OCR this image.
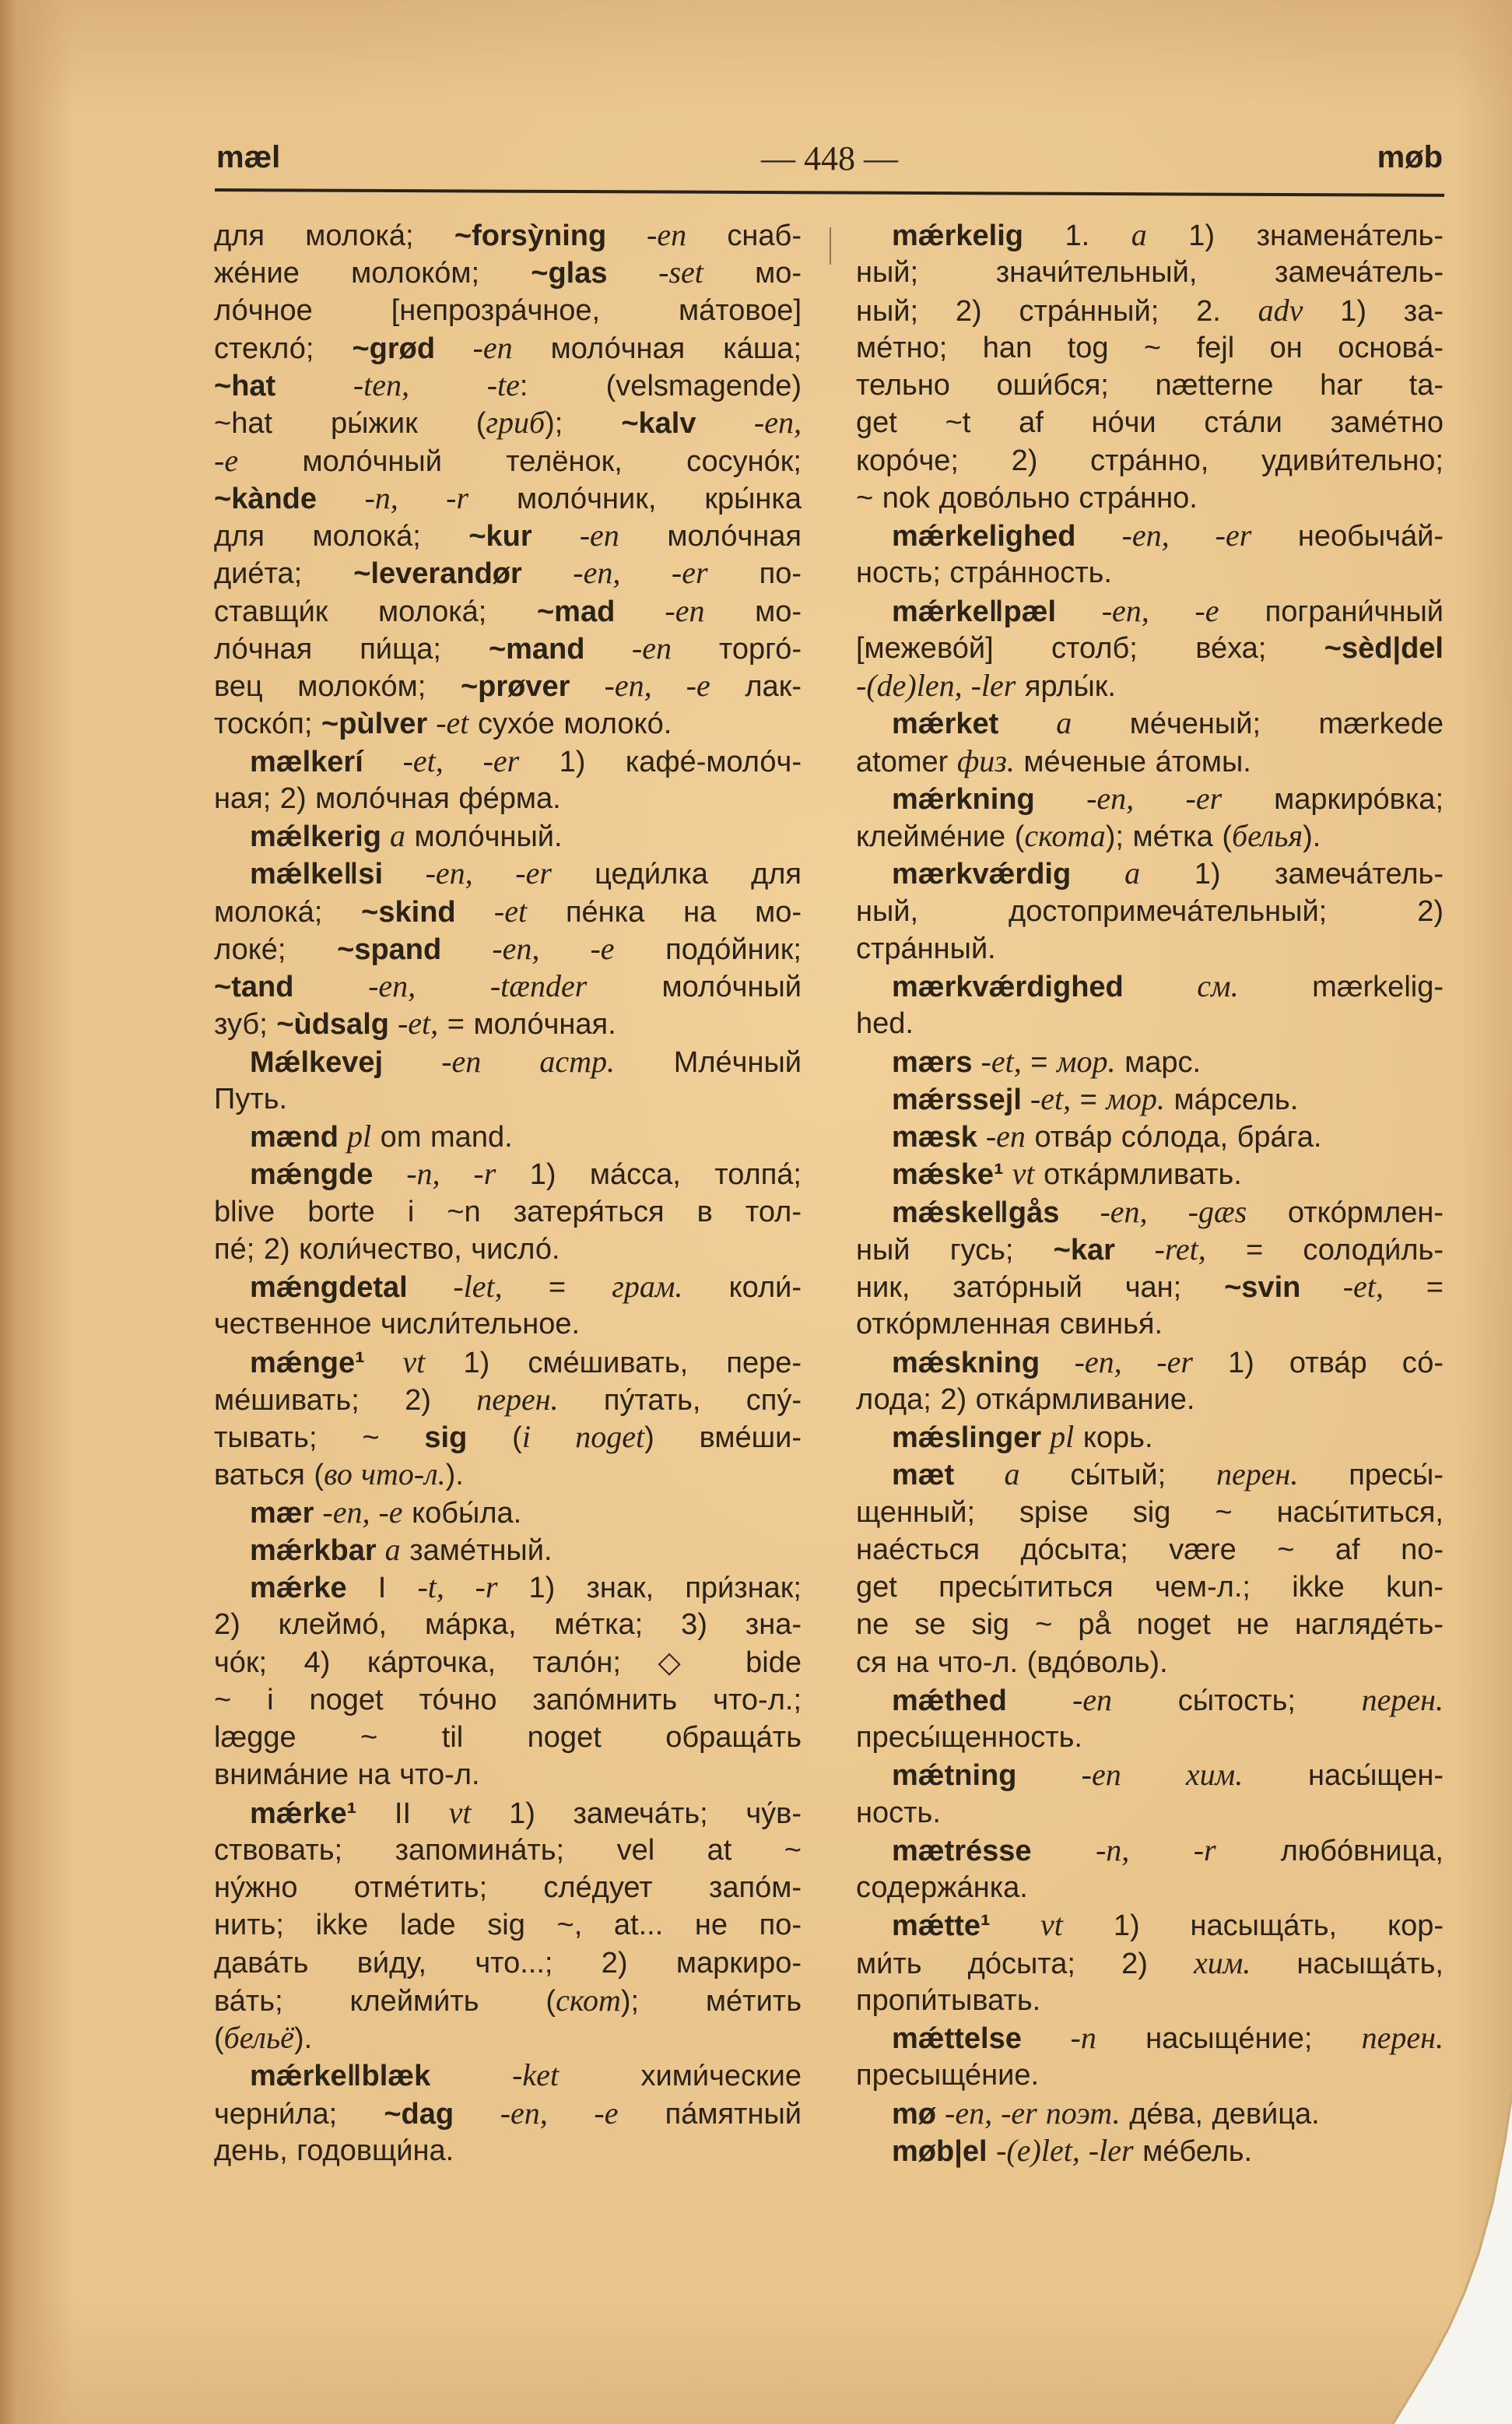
mæl	— 448 —	møb
для молока́; ~forsỳning -en снаб-
же́ние молоко́м; ~glas -set мо-
ло́чное [непрозра́чное, ма́товое]
стекло́; ~grød -en моло́чная ка́ша;
~hat -ten, -te: (velsmagende)
~hat ры́жик (гриб); ~kalv -en,
-e моло́чный телёнок, сосуно́к;
~kànde -n, -r моло́чник, кры́нка
для молока́; ~kur -en моло́чная
дие́та; ~leverandør -en, -er по-
ставщи́к молока́; ~mad -en мо-
ло́чная пи́ща; ~mand -en торго́-
вец молоко́м; ~prøver -en, -e лак-
тоско́п; ~pùlver -et сухо́е молоко́.
mælkerí -et, -er 1) кафе́-моло́ч-
ная; 2) моло́чная фе́рма.
mǽlkerig a моло́чный.
mǽlke‖si -en, -er цеди́лка для
молока́; ~skind -et пе́нка на мо-
локе́; ~spand -en, -e подо́йник;
~tand -en, -tænder моло́чный
зуб; ~ùdsalg -et, = моло́чная.
Mǽlkevej -en астр. Мле́чный
Путь.
mænd pl om mand.
mǽngde -n, -r 1) ма́сса, толпа́;
blive borte i ~n затеря́ться в тол-
пе́; 2) коли́чество, число́.
mǽngdetal -let, = грам. коли́-
чественное числи́тельное.
mǽnge¹ vt 1) сме́шивать, пере-
ме́шивать; 2) перен. пу́тать, спу́-
тывать; ~ sig (i noget) вме́ши-
ваться (во что-л.).
mær -en, -e кобы́ла.
mǽrkbar a заме́тный.
mǽrke I -t, -r 1) знак, при́знак;
2) клеймо́, ма́рка, ме́тка; 3) зна-
чо́к; 4) ка́рточка, тало́н; ◇ bide
~ i noget то́чно запо́мнить что-л.;
lægge ~ til noget обраща́ть
внима́ние на что-л.
mǽrke¹ II vt 1) замеча́ть; чу́в-
ствовать; запомина́ть; vel at ~
ну́жно отме́тить; сле́дует запо́м-
нить; ikke lade sig ~, at... не по-
дава́ть ви́ду, что...; 2) маркиро-
ва́ть; клейми́ть (скот); ме́тить
(бельё).
mǽrke‖blæk -ket хими́ческие
черни́ла; ~dag -en, -e па́мятный
день, годовщи́на.
mǽrkelig 1. a 1) знамена́тель-
ный; значи́тельный, замеча́тель-
ный; 2) стра́нный; 2. adv 1) за-
ме́тно; han tog ~ fejl он основа́-
тельно оши́бся; nætterne har ta-
get ~t af но́чи ста́ли заме́тно
коро́че; 2) стра́нно, удиви́тельно;
~ nok дово́льно стра́нно.
mǽrkelighed -en, -er необыча́й-
ность; стра́нность.
mǽrke‖pæl -en, -e пограни́чный
[межево́й] столб; ве́ха; ~sèd|del
-(de)len, -ler ярлы́к.
mǽrket a ме́ченый; mærkede
atomer физ. ме́ченые а́томы.
mǽrkning -en, -er маркиро́вка;
клейме́ние (скота); ме́тка (белья).
mærkvǽrdig a 1) замеча́тель-
ный, достопримеча́тельный; 2)
стра́нный.
mærkvǽrdighed см. mærkelig-
hed.
mærs -et, = мор. марс.
mǽrssejl -et, = мор. ма́рсель.
mæsk -en отва́р со́лода, бра́га.
mǽske¹ vt отка́рмливать.
mǽske‖gås -en, -gæs отко́рмлен-
ный гусь; ~kar -ret, = солоди́ль-
ник, зато́рный чан; ~svin -et, =
отко́рмленная свинья́.
mǽskning -en, -er 1) отва́р со́-
лода; 2) отка́рмливание.
mǽslinger pl корь.
mæt a сы́тый; перен. пресы́-
щенный; spise sig ~ насы́титься,
нае́сться до́сыта; være ~ af no-
get пресы́титься чем-л.; ikke kun-
ne se sig ~ på noget не нагляде́ть-
ся на что-л. (вдо́воль).
mǽthed -en сы́тость; перен.
пресы́щенность.
mǽtning -en хим. насы́щен-
ность.
mætrésse -n, -r любо́вница,
содержа́нка.
mǽtte¹ vt 1) насыща́ть, кор-
ми́ть до́сыта; 2) хим. насыща́ть,
пропи́тывать.
mǽttelse -n насыще́ние; перен.
пресыще́ние.
mø -en, -er поэт. де́ва, деви́ца.
møb|el -(e)let, -ler ме́бель.
